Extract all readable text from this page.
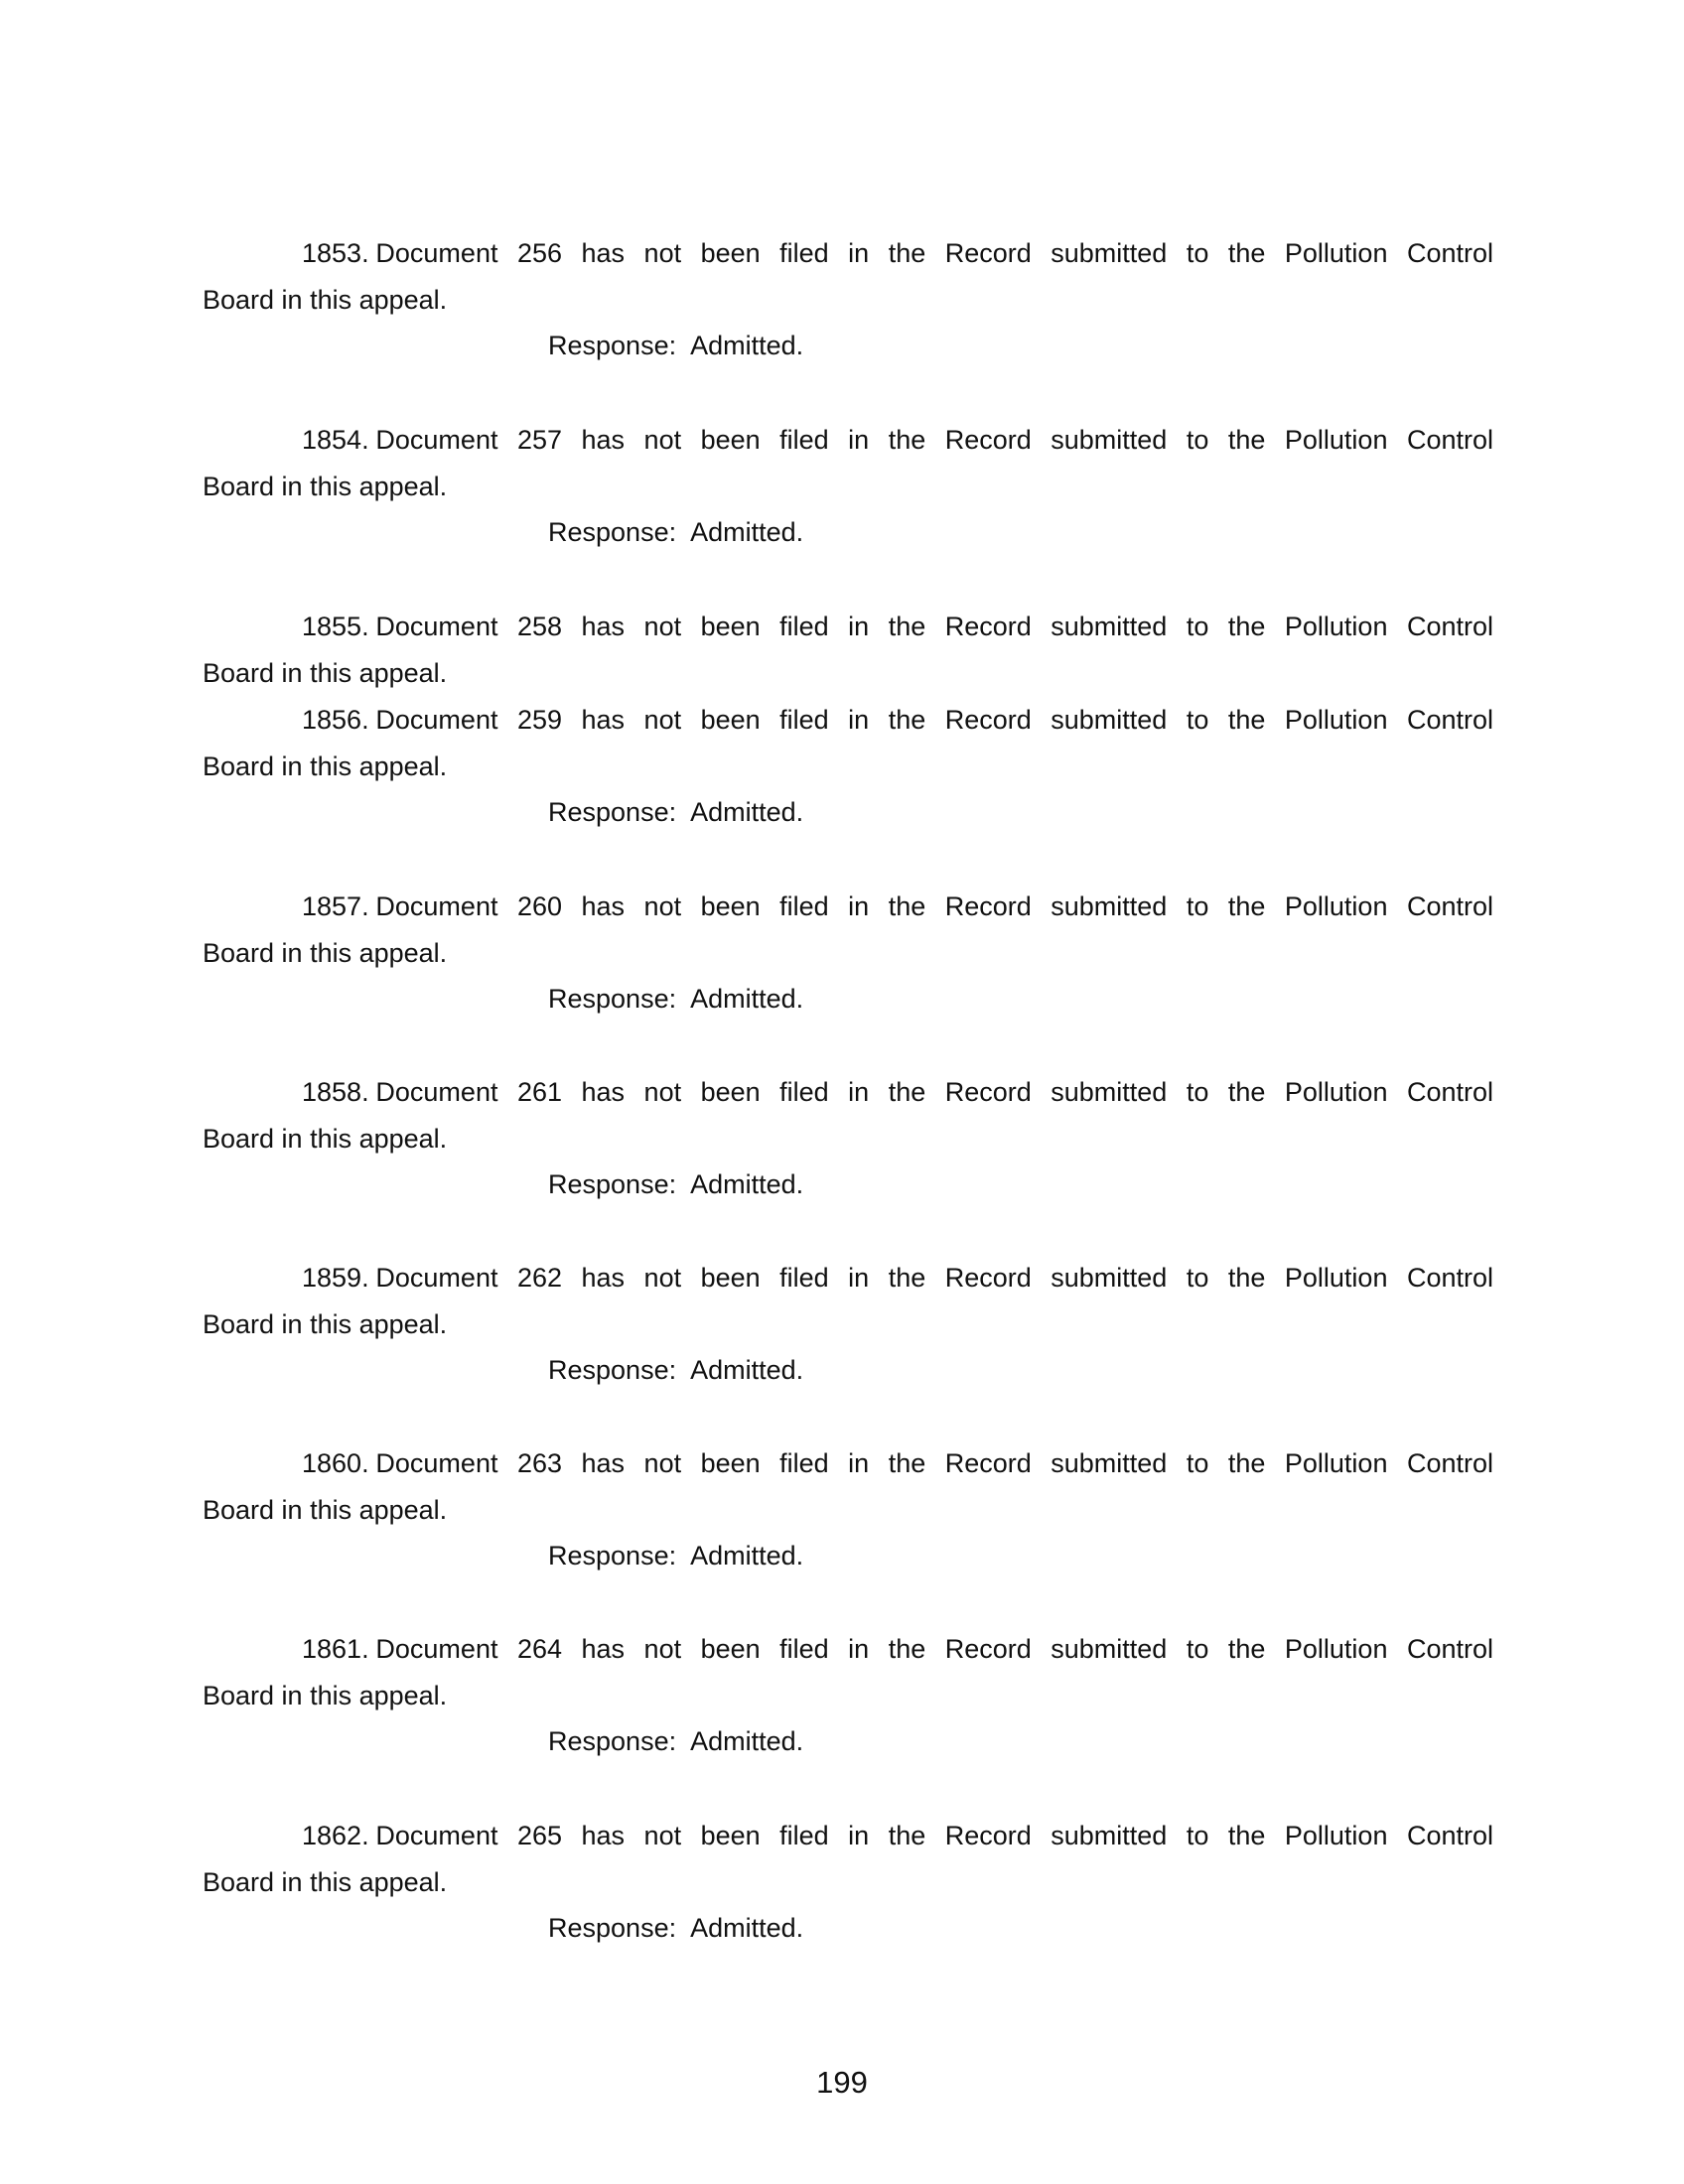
1853. Document 256 has not been filed in the Record submitted to the Pollution Control
Board in this appeal.
Response: Admitted.
1854. Document 257 has not been filed in the Record submitted to the Pollution Control
Board in this appeal.
Response: Admitted.
1855. Document 258 has not been filed in the Record submitted to the Pollution Control
Board in this appeal.
1856. Document 259 has not been filed in the Record submitted to the Pollution Control
Board in this appeal.
Response: Admitted.
1857. Document 260 has not been filed in the Record submitted to the Pollution Control
Board in this appeal.
Response: Admitted.
1858. Document 261 has not been filed in the Record submitted to the Pollution Control
Board in this appeal.
Response: Admitted.
1859. Document 262 has not been filed in the Record submitted to the Pollution Control
Board in this appeal.
Response: Admitted.
1860. Document 263 has not been filed in the Record submitted to the Pollution Control
Board in this appeal.
Response: Admitted.
1861. Document 264 has not been filed in the Record submitted to the Pollution Control
Board in this appeal.
Response: Admitted.
1862. Document 265 has not been filed in the Record submitted to the Pollution Control
Board in this appeal.
Response: Admitted.
199
